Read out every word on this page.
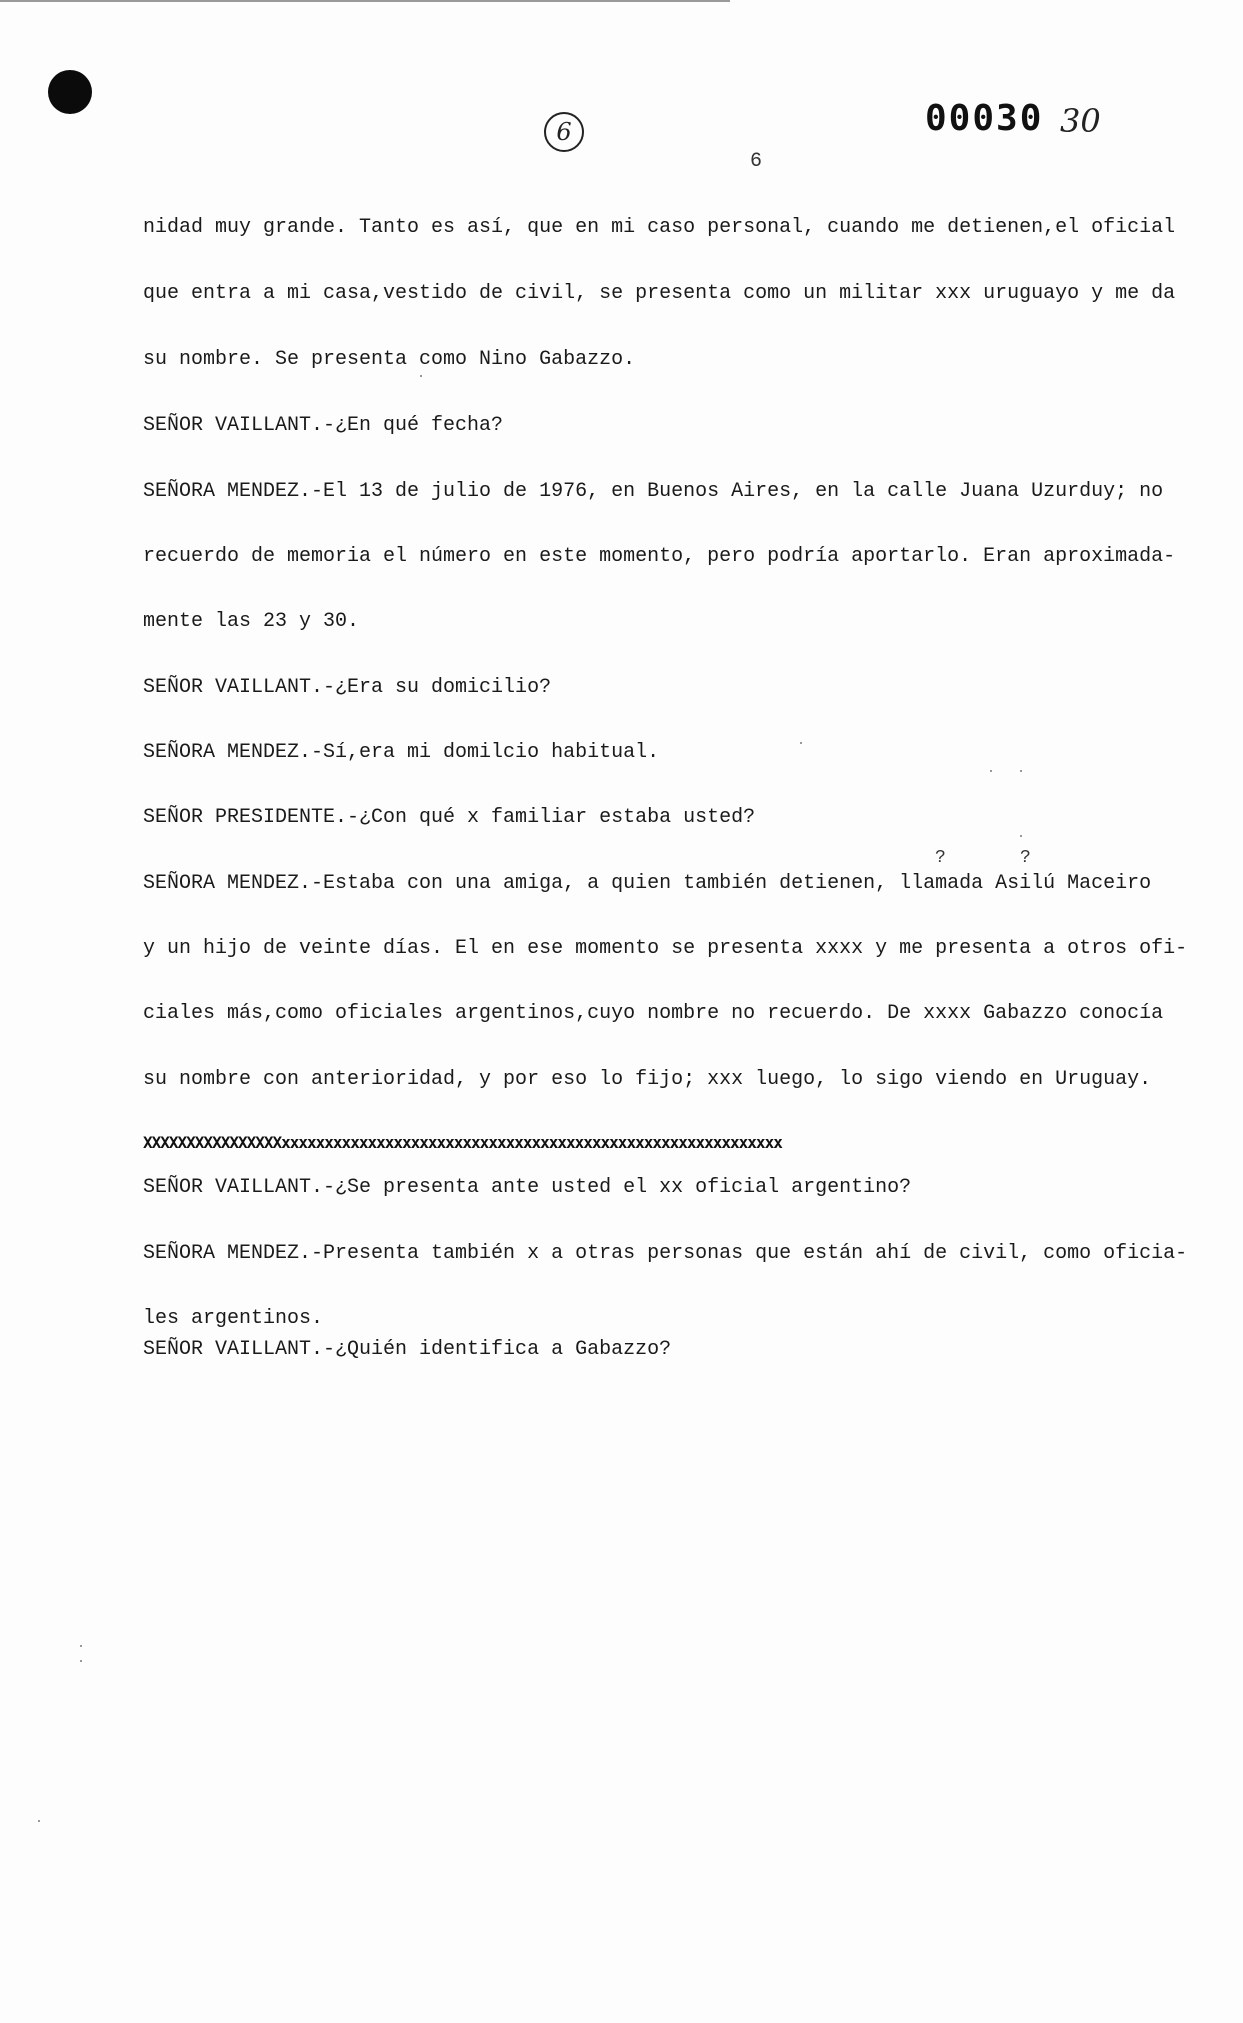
6	00030 30
6
nidad muy grande. Tanto es así, que en mi caso personal, cuando me detienen,el oficial
que entra a mi casa,vestido de civil, se presenta como un militar xxx uruguayo y me da
su nombre. Se presenta como Nino Gabazzo.
SEÑOR VAILLANT.-¿En qué fecha?
SEÑORA MENDEZ.-El 13 de julio de 1976, en Buenos Aires, en la calle Juana Uzurduy; no
recuerdo de memoria el número en este momento, pero podría aportarlo. Eran aproximada-
mente las 23 y 30.
SEÑOR VAILLANT.-¿Era su domicilio?
SEÑORA MENDEZ.-Sí,era mi domilcio habitual.
SEÑOR PRESIDENTE.-¿Con qué x familiar estaba usted?
SEÑORA MENDEZ.-Estaba con una amiga, a quien también detienen, llamada Asilú Maceiro
y un hijo de veinte días. El en ese momento se presenta xxxx y me presenta a otros ofi-
ciales más,como oficiales argentinos,cuyo nombre no recuerdo. De xxxx Gabazzo conocía
su nombre con anterioridad, y por eso lo fijo; xxx luego, lo sigo viendo en Uruguay.
SEÑOR VAILLANT.-¿Se presenta ante usted el xx oficial argentino?
SEÑORA MENDEZ.-Presenta también x a otras personas que están ahí de civil, como oficia-
les argentinos.
SEÑOR VAILLANT.-¿Quién identifica a Gabazzo?
XXXXXXXXXXXXXXXXxxxxxxxxxxxxxxxxxxxxxxxxxxxxxxxxxxxxxxxxxxxxxxxxxxxxxxxxxx
?	?
